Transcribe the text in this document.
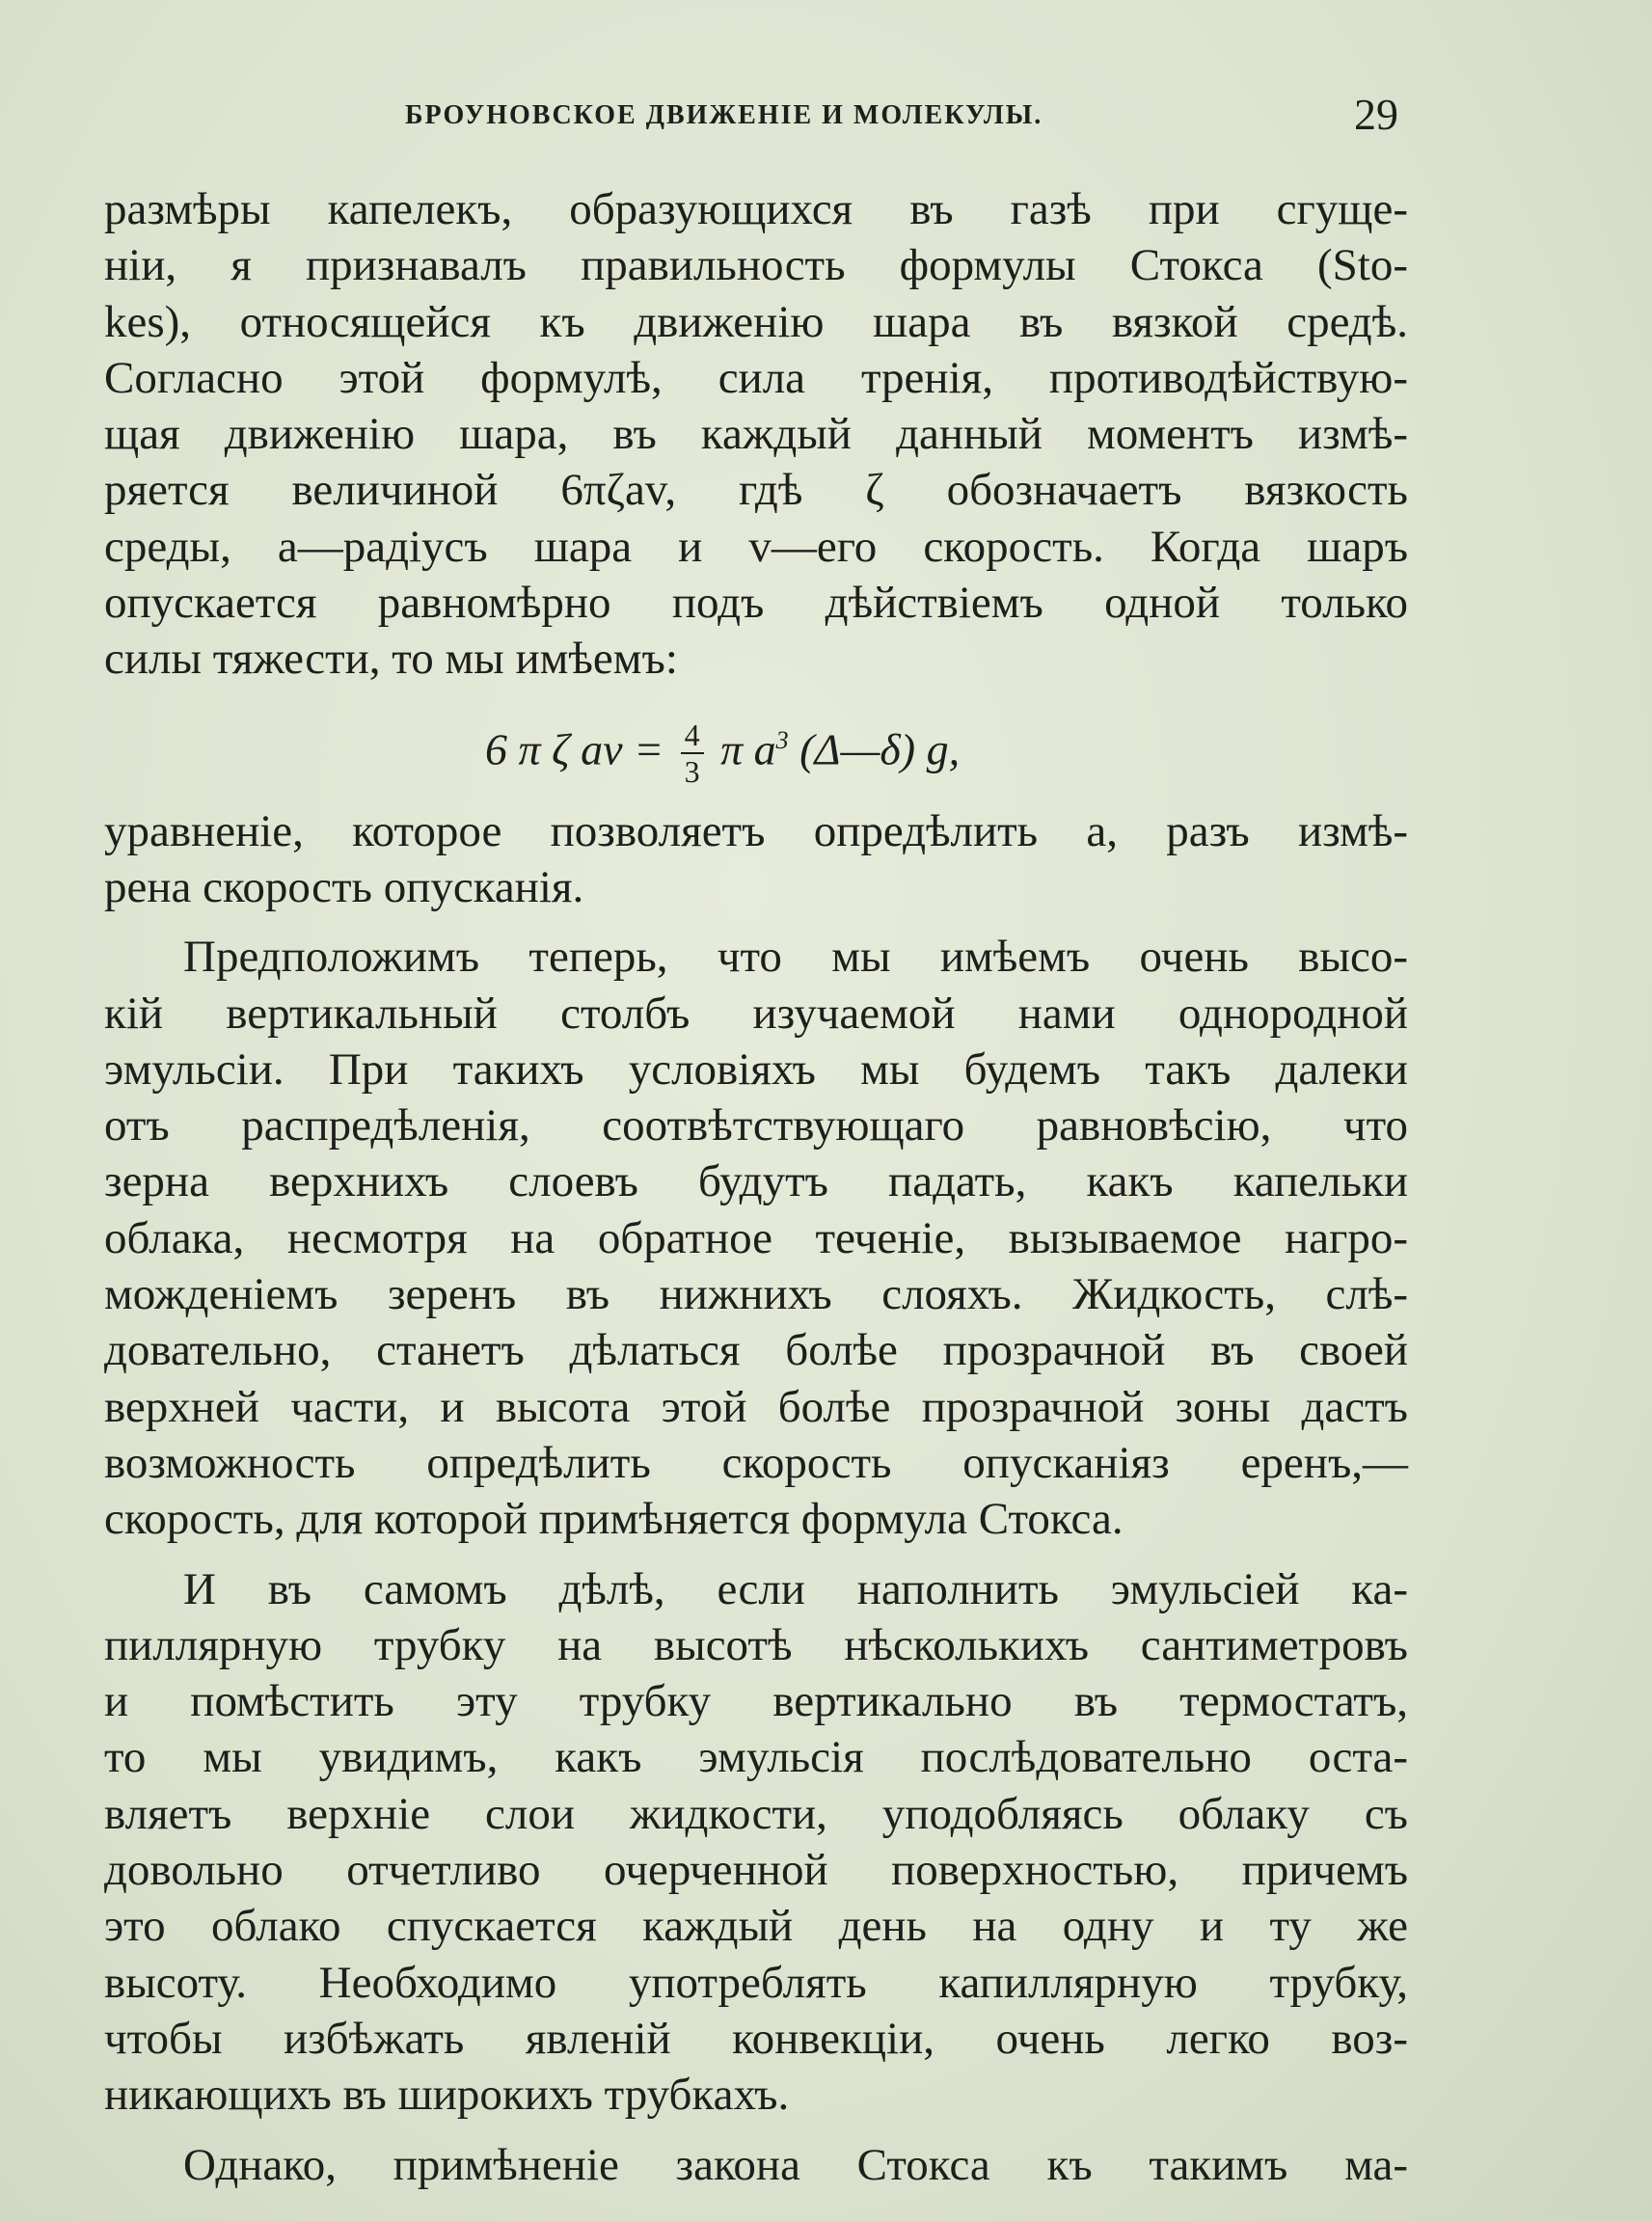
БРОУНОВСКОЕ ДВИЖЕНІЕ И МОЛЕКУЛЫ.	29
размѣры капелекъ, образующихся въ газѣ при сгуще-
ніи, я признавалъ правильность формулы Стокса (Sto-
kes), относящейся къ движенію шара въ вязкой средѣ.
Согласно этой формулѣ, сила тренія, противодѣйствую-
щая движенію шара, въ каждый данный моментъ измѣ-
ряется величиной 6πζav, гдѣ ζ обозначаетъ вязкость
среды, a—радіусъ шара и v—его скорость. Когда шаръ
опускается равномѣрно подъ дѣйствіемъ одной только
силы тяжести, то мы имѣемъ:
6 π ζ av = $\frac{4}{3}$ π $a^3$ (Δ—δ) g,
уравненіе, которое позволяетъ опредѣлить a, разъ измѣ-
рена скорость опусканія.
Предположимъ теперь, что мы имѣемъ очень высо-
кій вертикальный столбъ изучаемой нами однородной
эмульсіи. При такихъ условіяхъ мы будемъ такъ далеки
отъ распредѣленія, соотвѣтствующаго равновѣсію, что
зерна верхнихъ слоевъ будутъ падать, какъ капельки
облака, несмотря на обратное теченіе, вызываемое нагро-
можденіемъ зеренъ въ нижнихъ слояхъ. Жидкость, слѣ-
довательно, станетъ дѣлаться болѣе прозрачной въ своей
верхней части, и высота этой болѣе прозрачной зоны дастъ
возможность опредѣлить скорость опусканіяз еренъ,—
скорость, для которой примѣняется формула Стокса.
И въ самомъ дѣлѣ, если наполнить эмульсіей ка-
пиллярную трубку на высотѣ нѣсколькихъ сантиметровъ
и помѣстить эту трубку вертикально въ термостатъ,
то мы увидимъ, какъ эмульсія послѣдовательно оста-
вляетъ верхніе слои жидкости, уподобляясь облаку съ
довольно отчетливо очерченной поверхностью, причемъ
это облако спускается каждый день на одну и ту же
высоту. Необходимо употреблять капиллярную трубку,
чтобы избѣжать явленій конвекціи, очень легко воз-
никающихъ въ широкихъ трубкахъ.
Однако, примѣненіе закона Стокса къ такимъ ма-
